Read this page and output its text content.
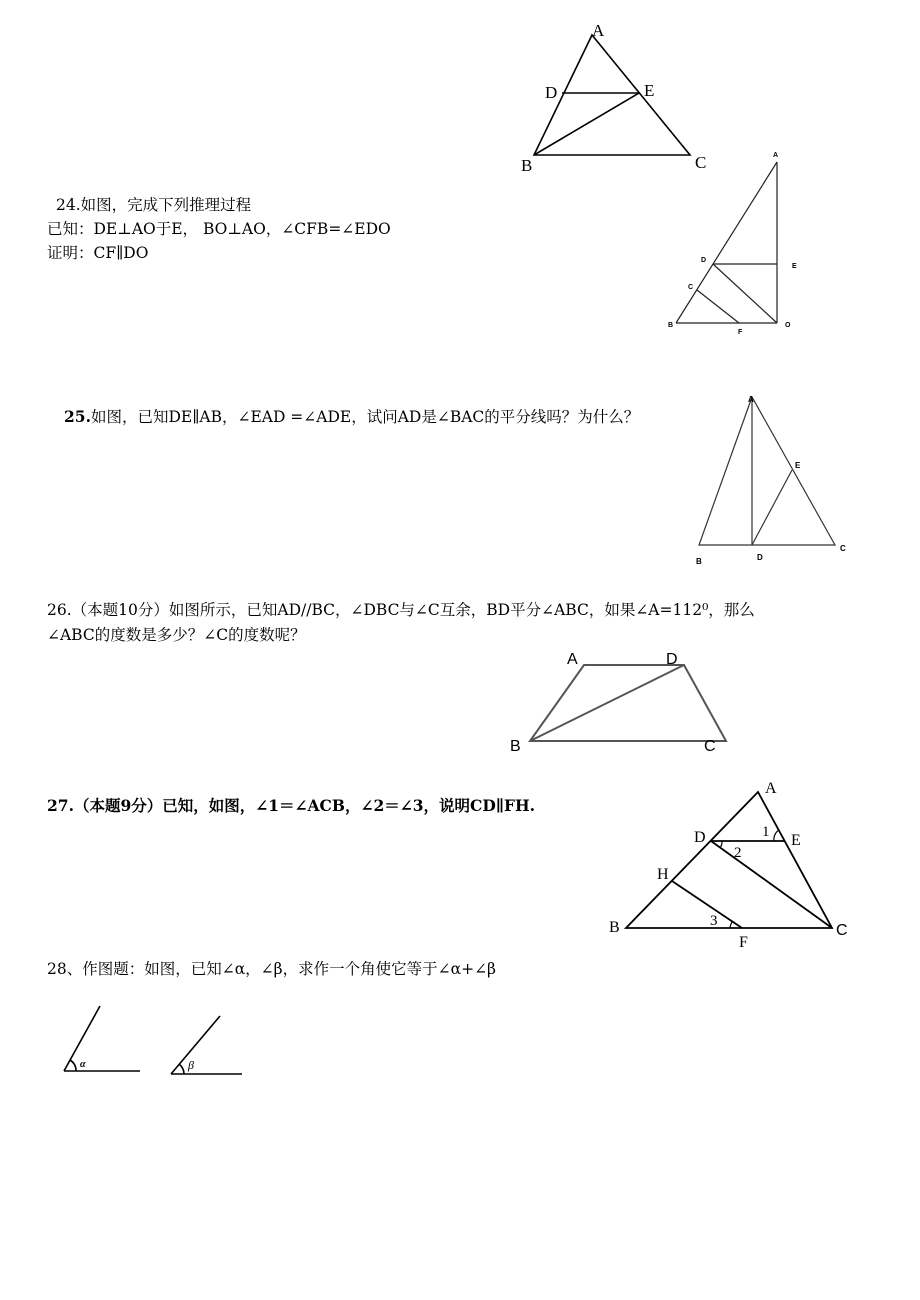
A
D	E
B	C
24.如图，完成下列推理过程
已知：DE⊥AO于E， BO⊥AO，∠CFB=∠EDO
证明：CF∥DO
A
D
E
C
B
F
O
25.如图，已知DE∥AB，∠EAD =∠ADE，试问AD是∠BAC的平分线吗？为什么？
A
E
B	D
C
26.（本题10分）如图所示，已知AD//BC，∠DBC与∠C互余，BD平分∠ABC，如果∠A=112⁰，那么
∠ABC的度数是多少？∠C的度数呢？
A	D
B	C
27.（本题9分）已知，如图，∠1＝∠ACB，∠2＝∠3，说明CD∥FH.
A
D	E
1
2
H
3
B
F
C
28、作图题：如图，已知∠α，∠β，求作一个角使它等于∠α+∠β
α	β
